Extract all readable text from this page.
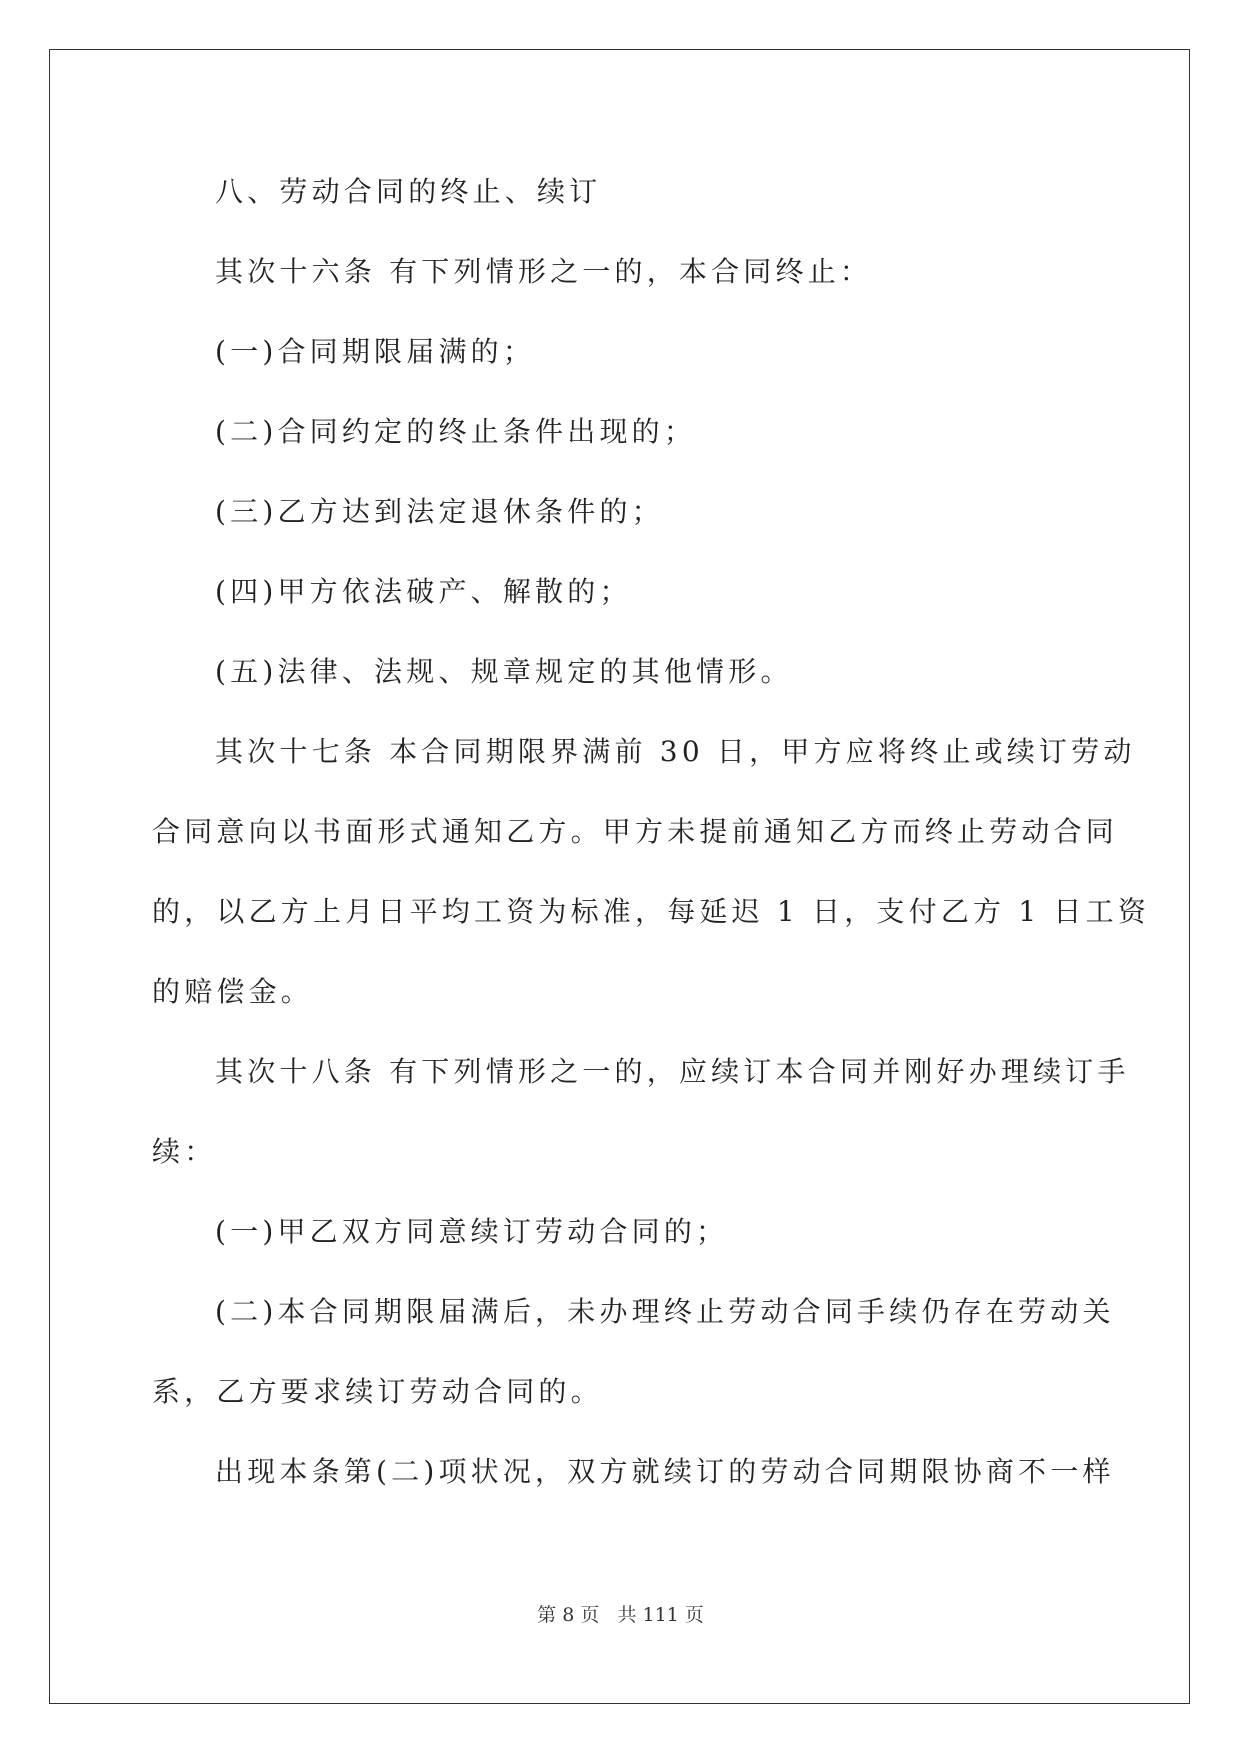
八、劳动合同的终止、续订
其次十六条 有下列情形之一的，本合同终止：
(一)合同期限届满的；
(二)合同约定的终止条件出现的；
(三)乙方达到法定退休条件的；
(四)甲方依法破产、解散的；
(五)法律、法规、规章规定的其他情形。
其次十七条 本合同期限界满前 30 日，甲方应将终止或续订劳动
合同意向以书面形式通知乙方。甲方未提前通知乙方而终止劳动合同
的，以乙方上月日平均工资为标准，每延迟 1 日，支付乙方 1 日工资
的赔偿金。
其次十八条 有下列情形之一的，应续订本合同并刚好办理续订手
续：
(一)甲乙双方同意续订劳动合同的；
(二)本合同期限届满后，未办理终止劳动合同手续仍存在劳动关
系，乙方要求续订劳动合同的。
出现本条第(二)项状况，双方就续订的劳动合同期限协商不一样
第 8 页   共 111 页
